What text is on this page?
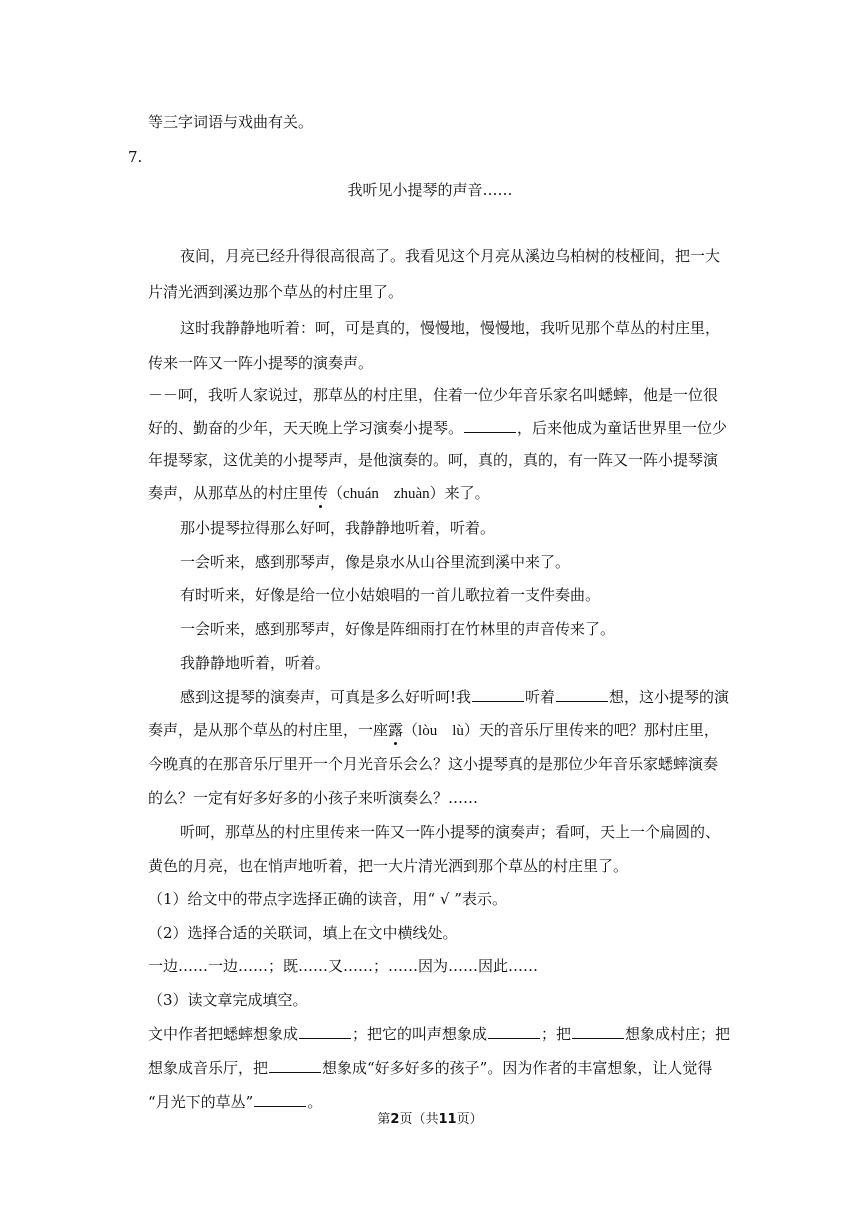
等三字词语与戏曲有关。
7.
我听见小提琴的声音……
夜间，月亮已经升得很高很高了。我看见这个月亮从溪边乌柏树的枝桠间，把一大
片清光洒到溪边那个草丛的村庄里了。
这时我静静地听着：呵，可是真的，慢慢地，慢慢地，我听见那个草丛的村庄里，
传来一阵又一阵小提琴的演奏声。
－－呵，我听人家说过，那草丛的村庄里，住着一位少年音乐家名叫蟋蟀，他是一位很
好的、勤奋的少年，天天晚上学习演奏小提琴。	，后来他成为童话世界里一位少
年提琴家，这优美的小提琴声，是他演奏的。呵，真的，真的，有一阵又一阵小提琴演
奏声，从那草丛的村庄里传（chuán　zhuàn）来了。
那小提琴拉得那么好呵，我静静地听着，听着。
一会听来，感到那琴声，像是泉水从山谷里流到溪中来了。
有时听来，好像是给一位小姑娘唱的一首儿歌拉着一支件奏曲。
一会听来，感到那琴声，好像是阵细雨打在竹林里的声音传来了。
我静静地听着，听着。
感到这提琴的演奏声，可真是多么好听呵!我	听着	想，这小提琴的演
奏声，是从那个草丛的村庄里，一座露（lòu　lù）天的音乐厅里传来的吧？那村庄里，
今晚真的在那音乐厅里开一个月光音乐会么？这小提琴真的是那位少年音乐家蟋蟀演奏
的么？一定有好多好多的小孩子来听演奏么？……
听呵，那草丛的村庄里传来一阵又一阵小提琴的演奏声；看呵，天上一个扁圆的、
黄色的月亮，也在悄声地听着，把一大片清光洒到那个草丛的村庄里了。
（1）给文中的带点字选择正确的读音，用“ √ ”表示。
（2）选择合适的关联词，填上在文中横线处。
一边……一边……；既……又……；……因为……因此……
（3）读文章完成填空。
文中作者把蟋蟀想象成	；把它的叫声想象成	；把	想象成村庄；把
想象成音乐厅，把	想象成“好多好多的孩子”。因为作者的丰富想象，让人觉得
“月光下的草丛”	。
第2页（共11页）
